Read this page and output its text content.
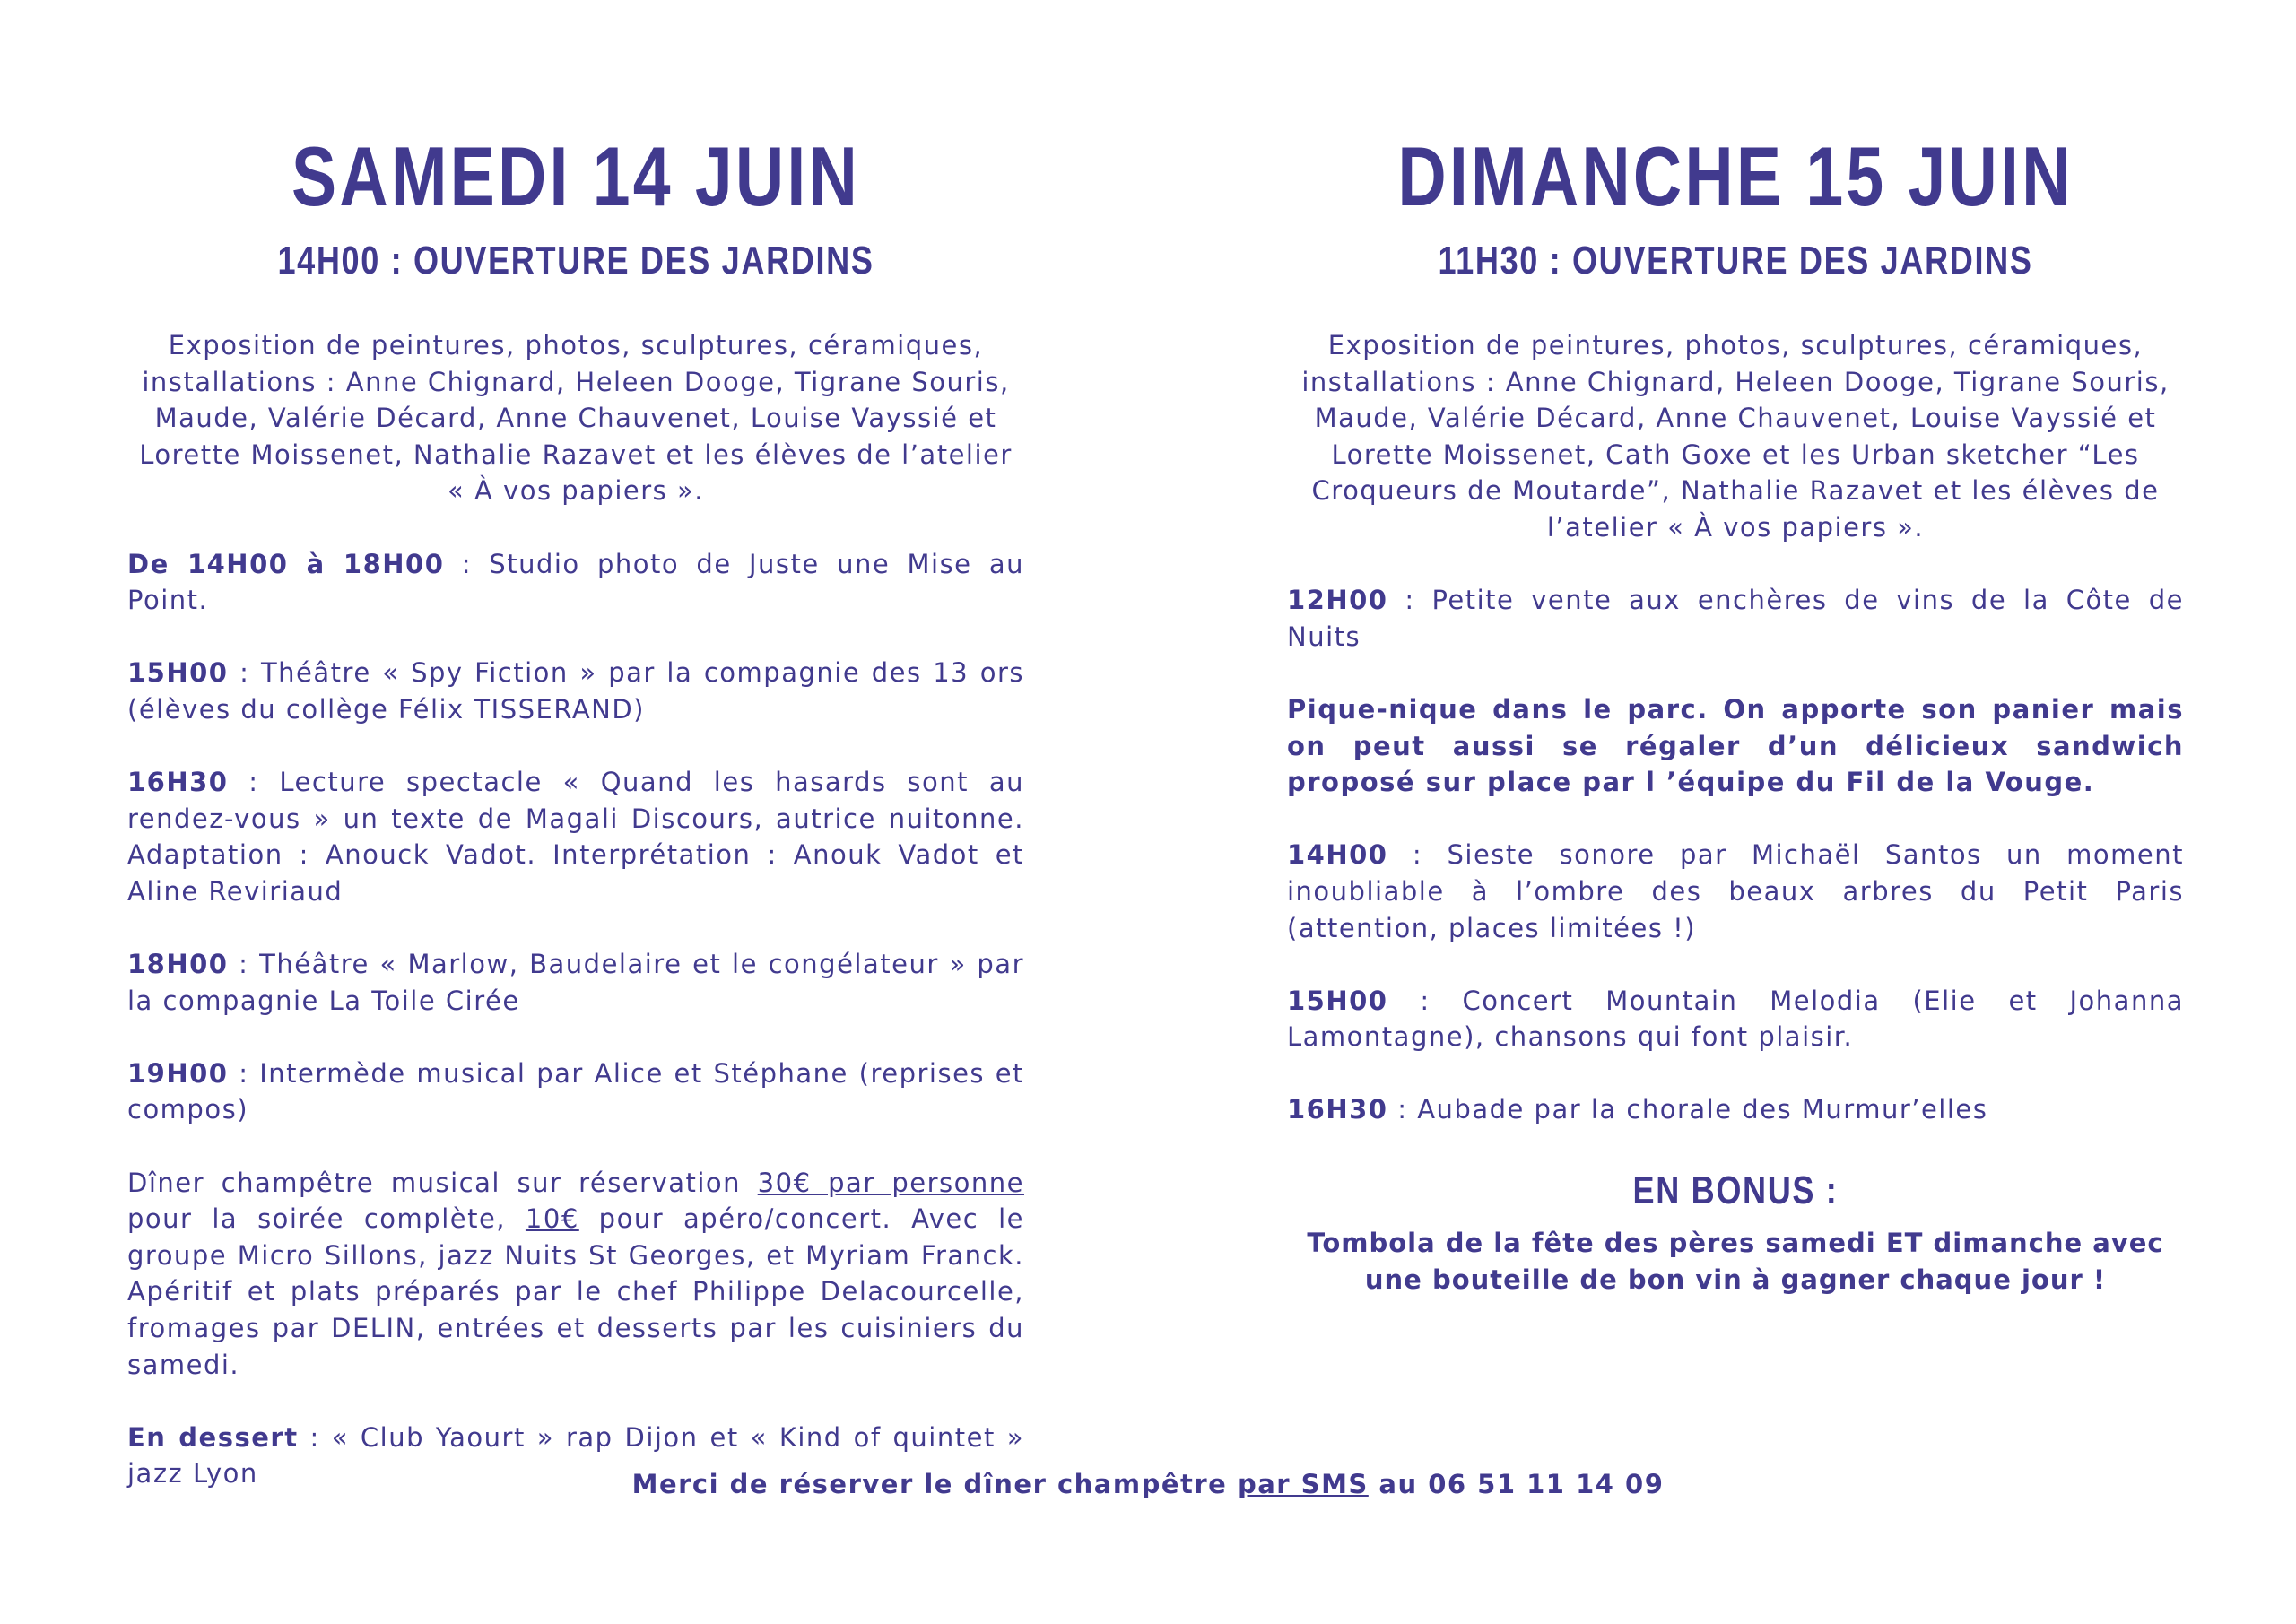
SAMEDI 14 JUIN
14H00 : OUVERTURE DES JARDINS

Exposition de peintures, photos, sculptures, céramiques, installations : Anne Chignard, Heleen Dooge, Tigrane Souris, Maude, Valérie Décard, Anne Chauvenet, Louise Vayssié et Lorette Moissenet, Nathalie Razavet et les élèves de l’atelier « À vos papiers ».

De 14H00 à 18H00 : Studio photo de Juste une Mise au Point.

15H00 : Théâtre « Spy Fiction » par la compagnie des 13 ors (élèves du collège Félix TISSERAND)

16H30 : Lecture spectacle « Quand les hasards sont au rendez-vous » un texte de Magali Discours, autrice nuitonne. Adaptation : Anouck Vadot. Interprétation : Anouk Vadot et Aline Reviriaud

18H00 : Théâtre « Marlow, Baudelaire et le congélateur » par la compagnie La Toile Cirée

19H00 : Intermède musical par Alice et Stéphane (reprises et compos)

Dîner champêtre musical sur réservation 30€ par personne pour la soirée complète, 10€ pour apéro/concert. Avec le groupe Micro Sillons, jazz Nuits St Georges, et Myriam Franck. Apéritif et plats préparés par le chef Philippe Delacourcelle, fromages par DELIN, entrées et desserts par les cuisiniers du samedi.

En dessert : « Club Yaourt » rap Dijon et « Kind of quintet » jazz Lyon

DIMANCHE 15 JUIN
11H30 : OUVERTURE DES JARDINS

Exposition de peintures, photos, sculptures, céramiques, installations : Anne Chignard, Heleen Dooge, Tigrane Souris, Maude, Valérie Décard, Anne Chauvenet, Louise Vayssié et Lorette Moissenet, Cath Goxe et les Urban sketcher “Les Croqueurs de Moutarde”, Nathalie Razavet et les élèves de l’atelier « À vos papiers ».

12H00 : Petite vente aux enchères de vins de la Côte de Nuits

Pique-nique dans le parc. On apporte son panier mais on peut aussi se régaler d’un délicieux sandwich proposé sur place par l ’équipe du Fil de la Vouge.

14H00 : Sieste sonore par Michaël Santos un moment inoubliable à l’ombre des beaux arbres du Petit Paris (attention, places limitées !)

15H00 : Concert Mountain Melodia (Elie et Johanna Lamontagne), chansons qui font plaisir.

16H30 : Aubade par la chorale des Murmur’elles

EN BONUS :

Tombola de la fête des pères samedi ET dimanche avec une bouteille de bon vin à gagner chaque jour !

Merci de réserver le dîner champêtre par SMS au 06 51 11 14 09
